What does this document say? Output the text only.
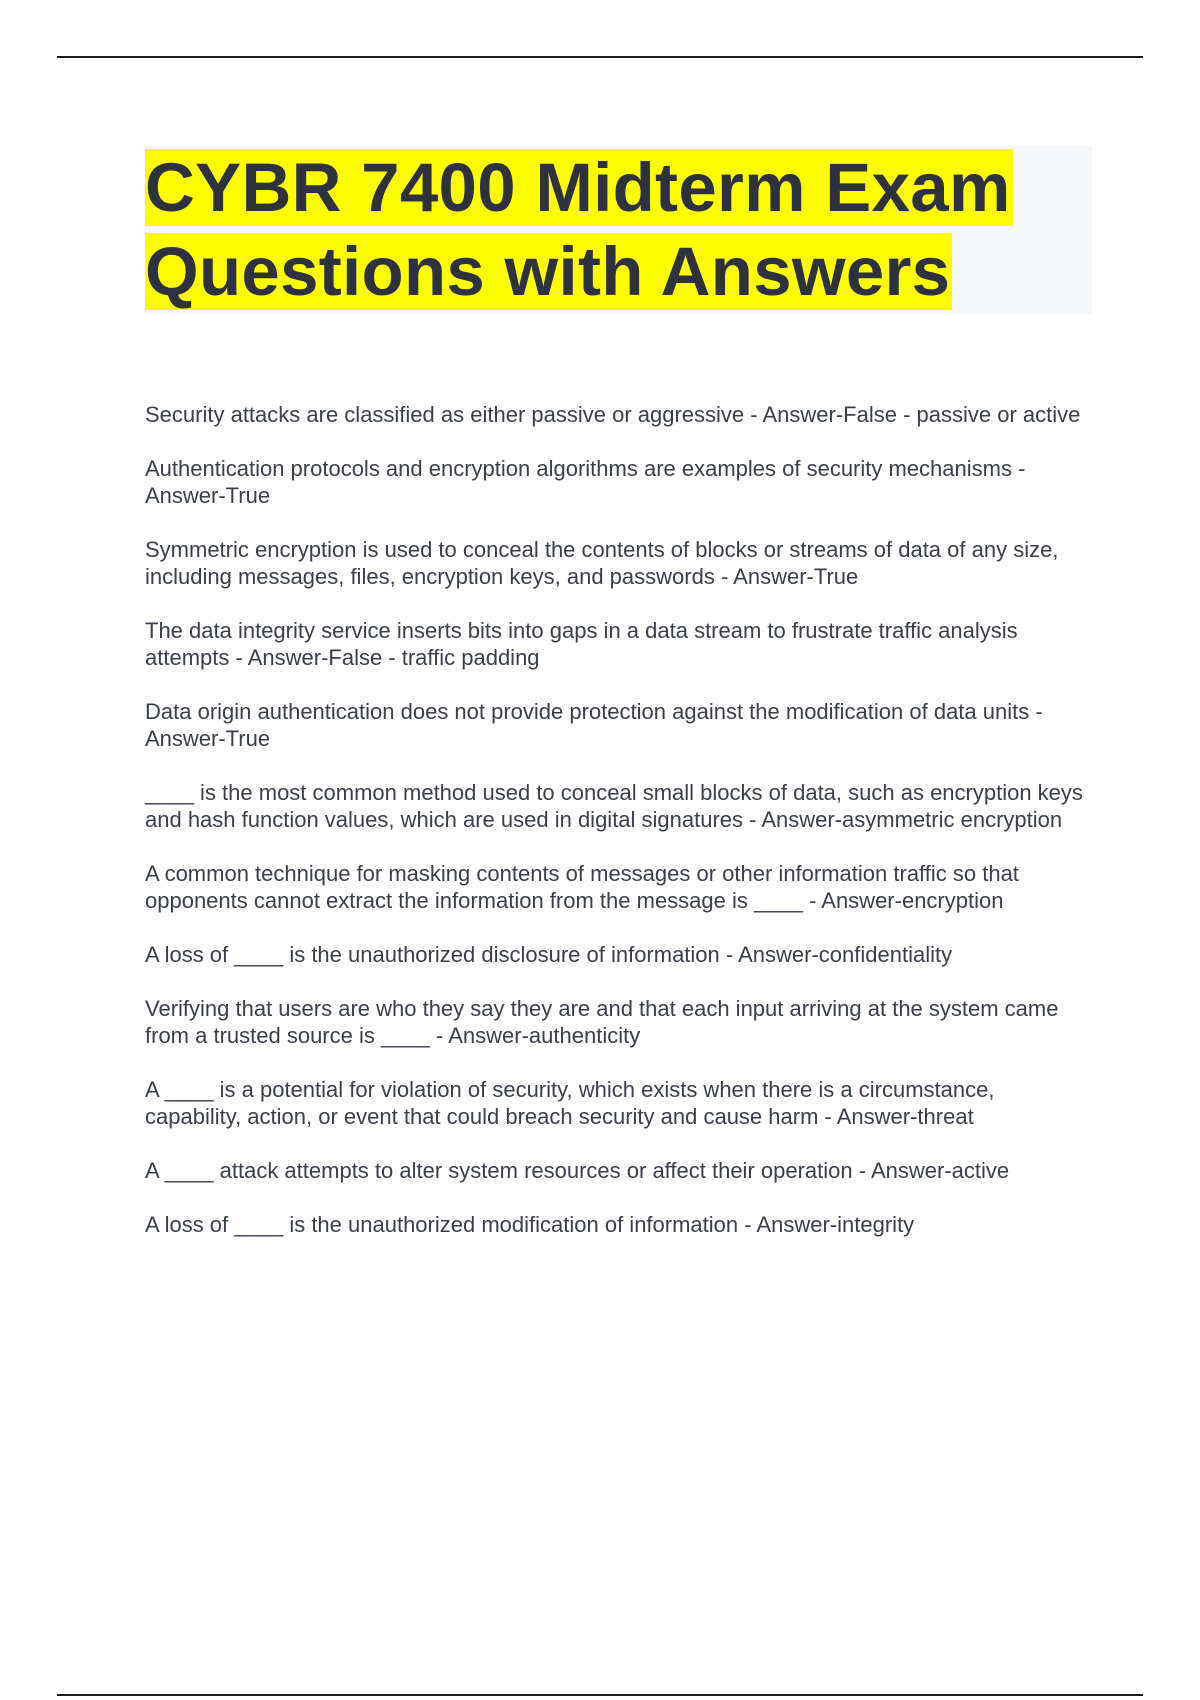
CYBR 7400 Midterm Exam
Questions with Answers
Security attacks are classified as either passive or aggressive - Answer-False - passive or active
Authentication protocols and encryption algorithms are examples of security mechanisms - Answer-True
Symmetric encryption is used to conceal the contents of blocks or streams of data of any size, including messages, files, encryption keys, and passwords - Answer-True
The data integrity service inserts bits into gaps in a data stream to frustrate traffic analysis attempts - Answer-False - traffic padding
Data origin authentication does not provide protection against the modification of data units - Answer-True
____ is the most common method used to conceal small blocks of data, such as encryption keys and hash function values, which are used in digital signatures - Answer-asymmetric encryption
A common technique for masking contents of messages or other information traffic so that opponents cannot extract the information from the message is ____ - Answer-encryption
A loss of ____ is the unauthorized disclosure of information - Answer-confidentiality
Verifying that users are who they say they are and that each input arriving at the system came from a trusted source is ____ - Answer-authenticity
A ____ is a potential for violation of security, which exists when there is a circumstance, capability, action, or event that could breach security and cause harm - Answer-threat
A ____ attack attempts to alter system resources or affect their operation - Answer-active
A loss of ____ is the unauthorized modification of information - Answer-integrity
